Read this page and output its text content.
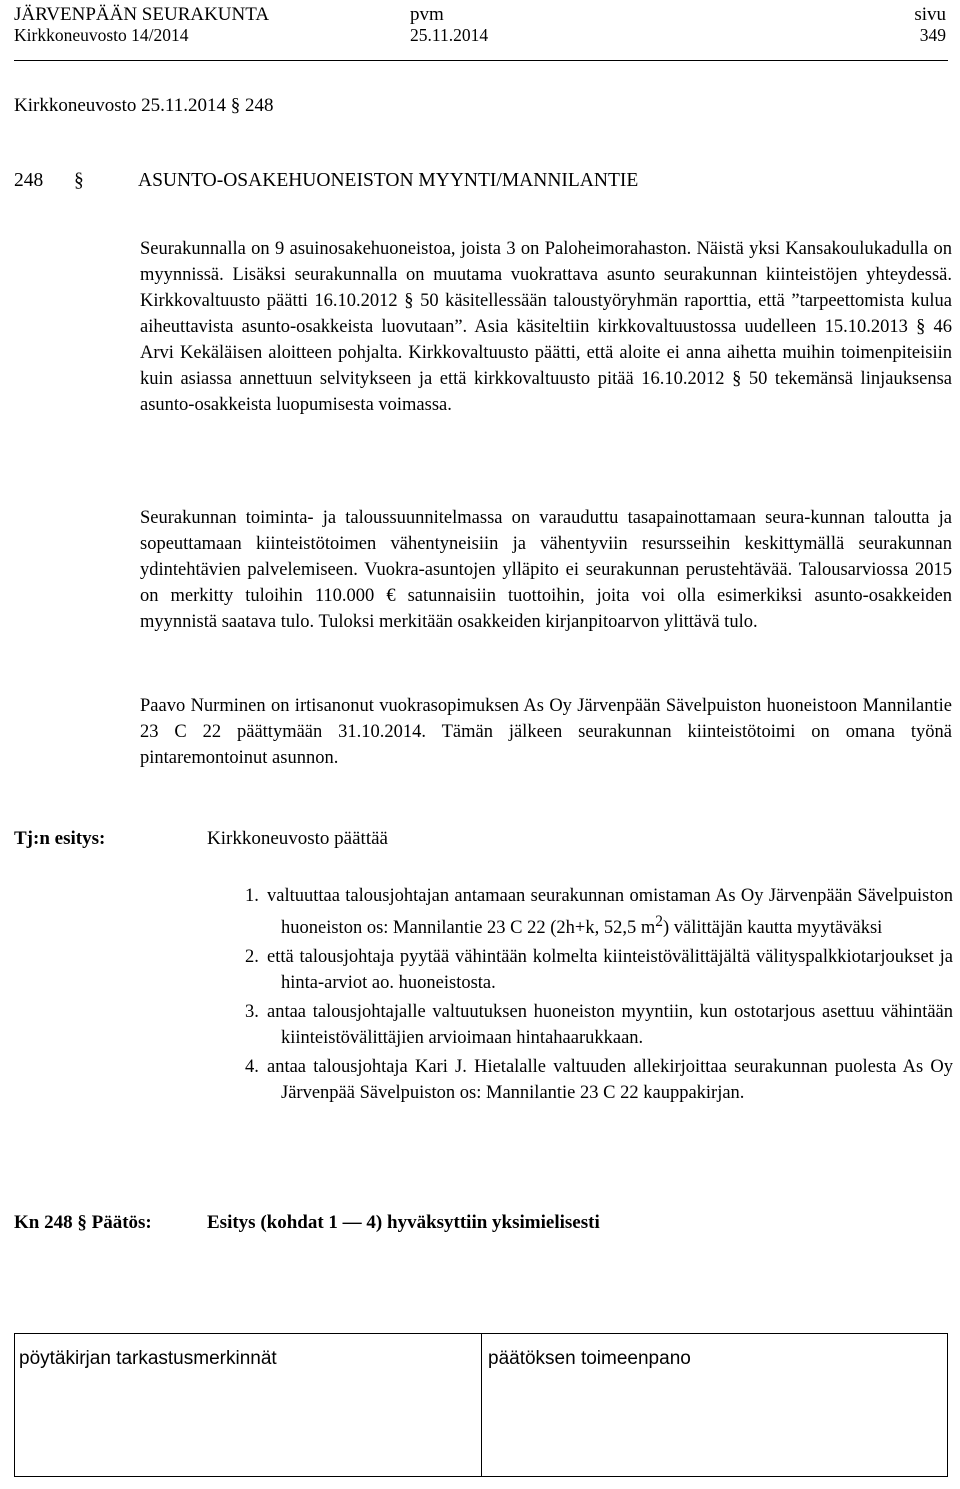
JÄRVENPÄÄN SEURAKUNTA	pvm	sivu
Kirkkoneuvosto 14/2014	25.11.2014	349
Kirkkoneuvosto 25.11.2014 § 248
248 §	ASUNTO-OSAKEHUONEISTON MYYNTI/MANNILANTIE

Seurakunnalla on 9 asuinosakehuoneistoa, joista 3 on Paloheimorahaston. Näistä yksi Kansakoulukadulla on myynnissä. Lisäksi seurakunnalla on muutama vuokrattava asunto seurakunnan kiinteistöjen yhteydessä. Kirkkovaltuusto päätti 16.10.2012 § 50 käsitellessään taloustyöryhmän raporttia, että ”tarpeettomista kulua aiheuttavista asunto-osakkeista luovutaan”. Asia käsiteltiin kirkkovaltuustossa uudelleen 15.10.2013 § 46 Arvi Kekäläisen aloitteen pohjalta. Kirkkovaltuusto päätti, että aloite ei anna aihetta muihin toimenpiteisiin kuin asiassa annettuun selvitykseen ja että kirkkovaltuusto pitää 16.10.2012 § 50 tekemänsä linjauksensa asunto-osakkeista luopumisesta voimassa.

Seurakunnan toiminta- ja taloussuunnitelmassa on varauduttu tasapainottamaan seura-kunnan taloutta ja sopeuttamaan kiinteistötoimen vähentyneisiin ja vähentyviin resursseihin keskittymällä seurakunnan ydintehtävien palvelemiseen. Vuokra-asuntojen ylläpito ei seurakunnan perustehtävää. Talousarviossa 2015 on merkitty tuloihin 110.000 € satunnaisiin tuottoihin, joita voi olla esimerkiksi asunto-osakkeiden myynnistä saatava tulo. Tuloksi merkitään osakkeiden kirjanpitoarvon ylittävä tulo.

Paavo Nurminen on irtisanonut vuokrasopimuksen As Oy Järvenpään Sävelpuiston huoneistoon Mannilantie 23 C 22 päättymään 31.10.2014. Tämän jälkeen seurakunnan kiinteistötoimi on omana työnä pintaremontoinut asunnon.

Tj:n esitys:	Kirkkoneuvosto päättää
1. valtuuttaa talousjohtajan antamaan seurakunnan omistaman As Oy Järvenpään Sävelpuiston huoneiston os: Mannilantie 23 C 22 (2h+k, 52,5 $m^2$) välittäjän kautta myytäväksi
2. että talousjohtaja pyytää vähintään kolmelta kiinteistövälittäjältä välityspalkkiotarjoukset ja hinta-arviot ao. huoneistosta.
3. antaa talousjohtajalle valtuutuksen huoneiston myyntiin, kun ostotarjous asettuu vähintään kiinteistövälittäjien arvioimaan hintahaarukkaan.
4. antaa talousjohtaja Kari J. Hietalalle valtuuden allekirjoittaa seurakunnan puolesta As Oy Järvenpää Sävelpuiston os: Mannilantie 23 C 22 kauppakirjan.
Kn 248 § Päätös:	Esitys (kohdat 1 — 4) hyväksyttiin yksimielisesti
pöytäkirjan tarkastusmerkinnät	päätöksen toimeenpano
